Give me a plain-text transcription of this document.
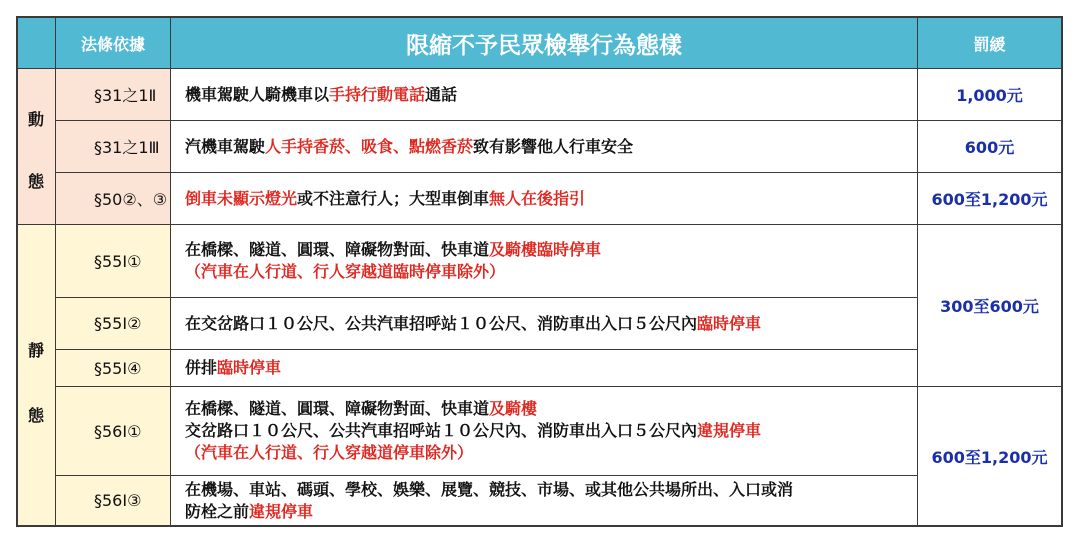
法條依據	限縮不予民眾檢舉行為態樣	罰緩
動
態
靜
態
§31之1Ⅱ
§31之1Ⅲ
§50②、③
§55Ⅰ①
§55Ⅰ②
§55Ⅰ④
§56Ⅰ①
§56Ⅰ③
機車駕駛人騎機車以手持行動電話通話
汽機車駕駛人手持香菸、吸食、點燃香菸致有影響他人行車安全
倒車未顯示燈光或不注意行人；大型車倒車無人在後指引
在橋樑、隧道、圓環、障礙物對面、快車道及騎樓臨時停車
（汽車在人行道、行人穿越道臨時停車除外）
在交岔路口１０公尺、公共汽車招呼站１０公尺、消防車出入口５公尺內臨時停車
併排臨時停車
在橋樑、隧道、圓環、障礙物對面、快車道及騎樓
交岔路口１０公尺、公共汽車招呼站１０公尺內、消防車出入口５公尺內違規停車
（汽車在人行道、行人穿越道停車除外）
在機場、車站、碼頭、學校、娛樂、展覽、競技、市場、或其他公共場所出、入口或消
防栓之前違規停車
1,000元
600元
600至1,200元
300至600元
600至1,200元
